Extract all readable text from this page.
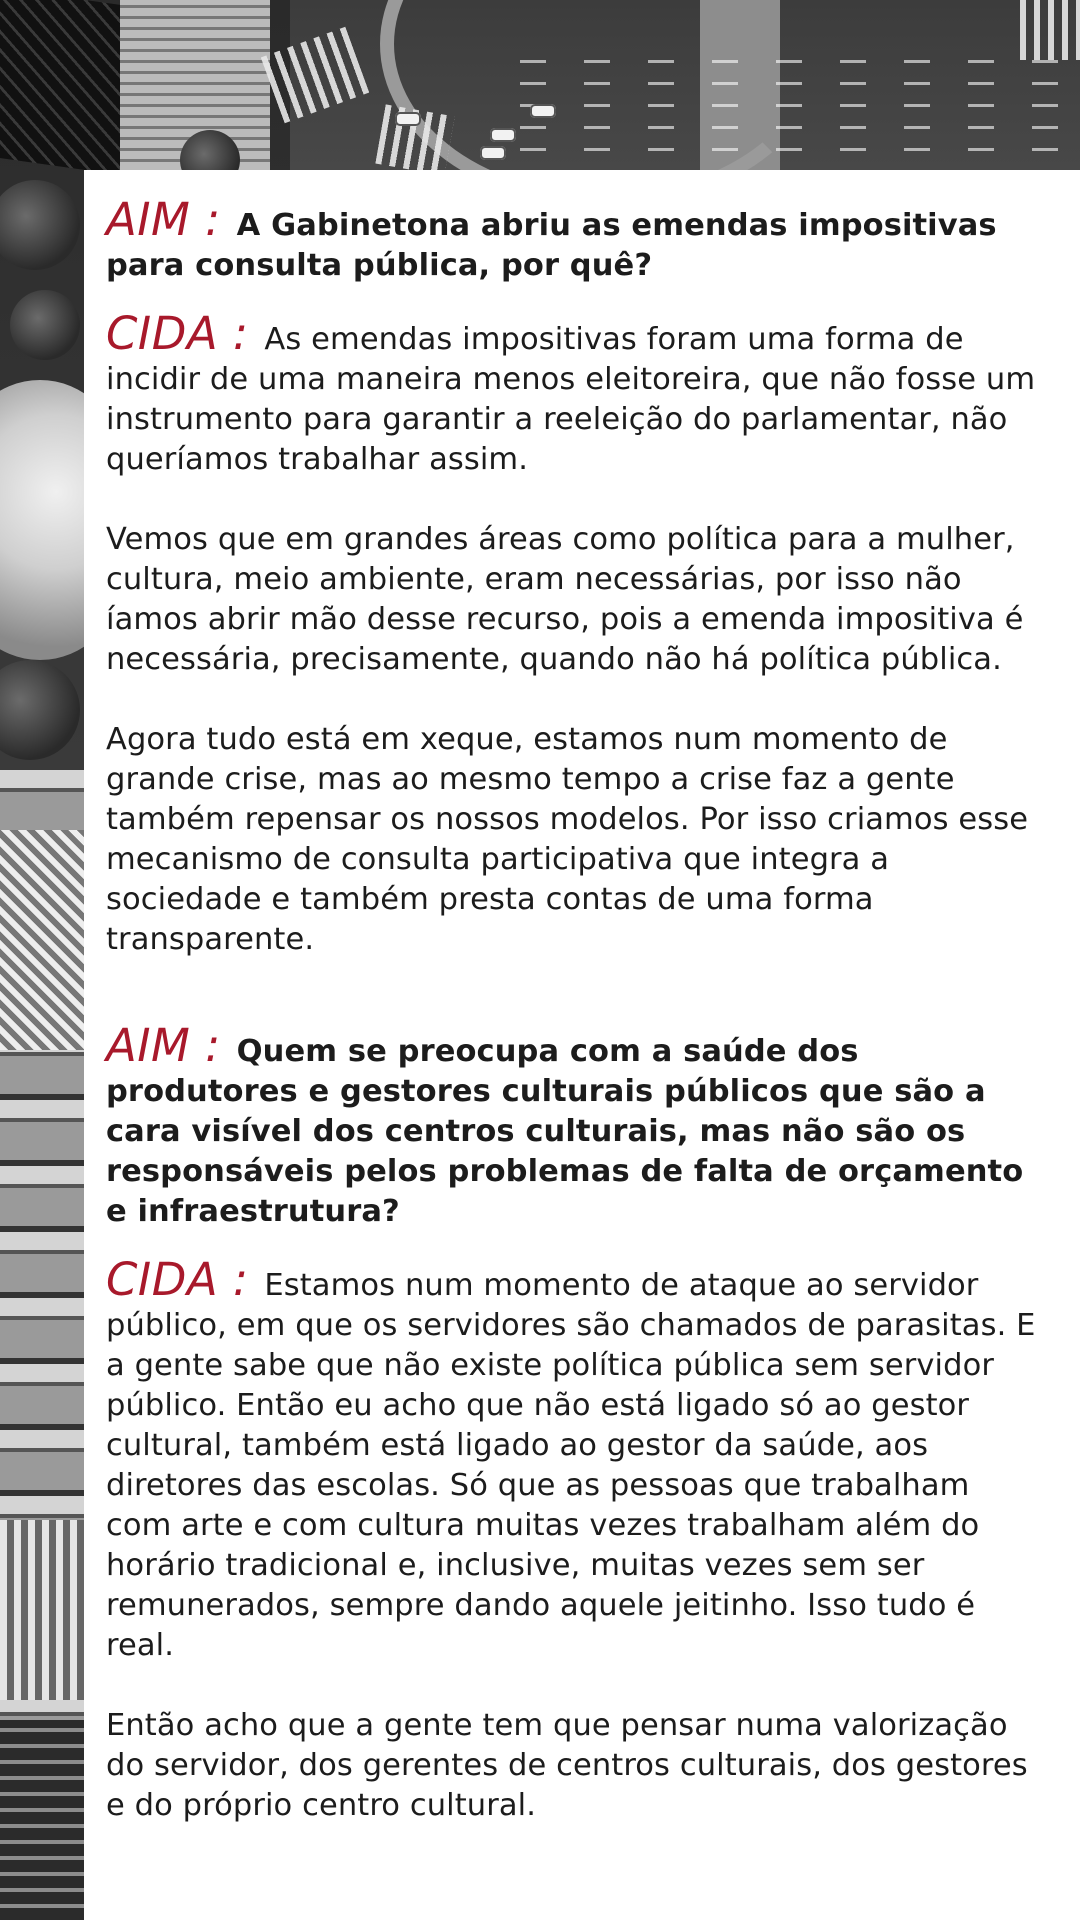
AIM : A Gabinetona abriu as emendas impositivas para consulta pública, por quê?

CIDA : As emendas impositivas foram uma forma de incidir de uma maneira menos eleitoreira, que não fosse um instrumento para garantir a reeleição do parlamentar, não queríamos trabalhar assim.

Vemos que em grandes áreas como política para a mulher, cultura, meio ambiente, eram necessárias, por isso não íamos abrir mão desse recurso, pois a emenda impositiva é necessária, precisamente, quando não há política pública.

Agora tudo está em xeque, estamos num momento de grande crise, mas ao mesmo tempo a crise faz a gente também repensar os nossos modelos. Por isso criamos esse mecanismo de consulta participativa que integra a sociedade e também presta contas de uma forma transparente.

AIM : Quem se preocupa com a saúde dos produtores e gestores culturais públicos que são a cara visível dos centros culturais, mas não são os responsáveis pelos problemas de falta de orçamento e infraestrutura?

CIDA : Estamos num momento de ataque ao servidor público, em que os servidores são chamados de parasitas. E a gente sabe que não existe política pública sem servidor público. Então eu acho que não está ligado só ao gestor cultural, também está ligado ao gestor da saúde, aos diretores das escolas. Só que as pessoas que trabalham com arte e com cultura muitas vezes trabalham além do horário tradicional e, inclusive, muitas vezes sem ser remunerados, sempre dando aquele jeitinho. Isso tudo é real.

Então acho que a gente tem que pensar numa valorização do servidor, dos gerentes de centros culturais, dos gestores e do próprio centro cultural.
